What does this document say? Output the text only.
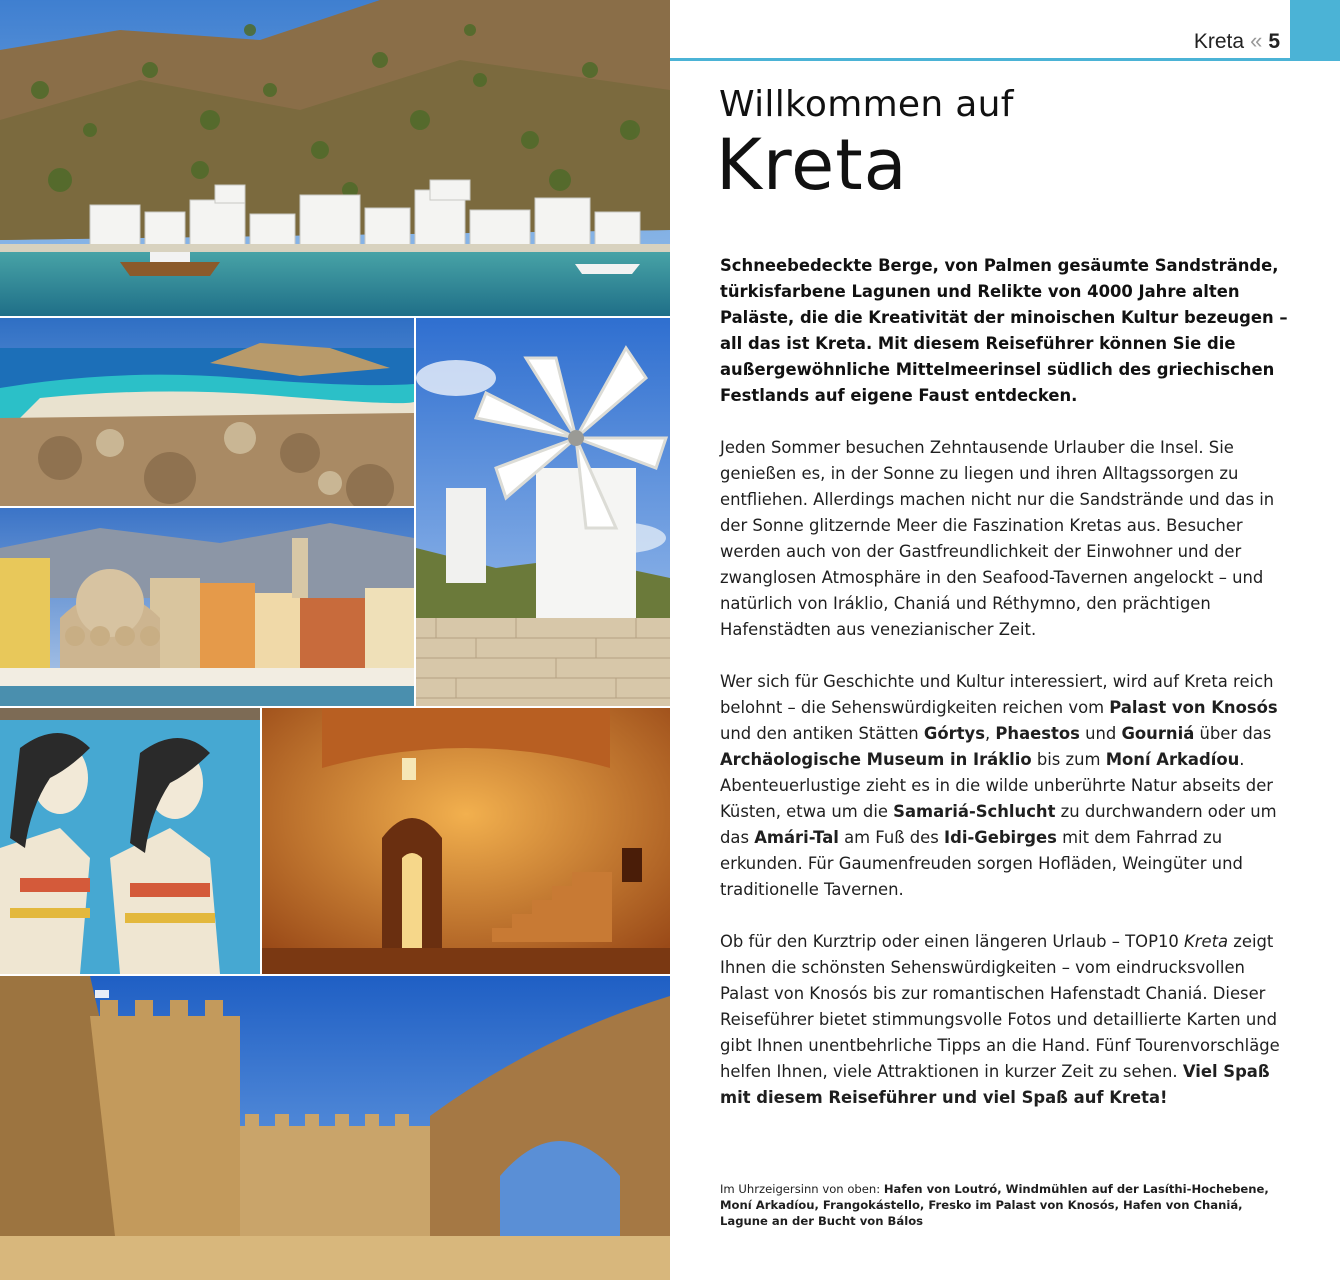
Kreta « 5
Willkommen auf
Kreta

Schneebedeckte Berge, von Palmen gesäumte Sandstrände, türkisfarbene Lagunen und Relikte von 4000 Jahre alten Paläste, die die Kreativität der minoischen Kultur bezeugen – all das ist Kreta. Mit diesem Reiseführer können Sie die außergewöhnliche Mittelmeerinsel südlich des griechischen Festlands auf eigene Faust entdecken.

Jeden Sommer besuchen Zehntausende Urlauber die Insel. Sie genießen es, in der Sonne zu liegen und ihren Alltagssorgen zu entfliehen. Allerdings machen nicht nur die Sandstrände und das in der Sonne glitzernde Meer die Faszination Kretas aus. Besucher werden auch von der Gastfreundlichkeit der Einwohner und der zwanglosen Atmosphäre in den Seafood-Tavernen angelockt – und natürlich von Iráklio, Chaniá und Réthymno, den prächtigen Hafenstädten aus venezianischer Zeit.

Wer sich für Geschichte und Kultur interessiert, wird auf Kreta reich belohnt – die Sehenswürdigkeiten reichen vom Palast von Knosós und den antiken Stätten Górtys, Phaestos und Gourniá über das Archäologische Museum in Iráklio bis zum Moní Arkadíou. Abenteuerlustige zieht es in die wilde unberührte Natur abseits der Küsten, etwa um die Samariá-Schlucht zu durchwandern oder um das Amári-Tal am Fuß des Idi-Gebirges mit dem Fahrrad zu erkunden. Für Gaumenfreuden sorgen Hofläden, Weingüter und traditionelle Tavernen.

Ob für den Kurztrip oder einen längeren Urlaub – TOP10 Kreta zeigt Ihnen die schönsten Sehenswürdigkeiten – vom eindrucksvollen Palast von Knosós bis zur romantischen Hafenstadt Chaniá. Dieser Reiseführer bietet stimmungsvolle Fotos und detaillierte Karten und gibt Ihnen unentbehrliche Tipps an die Hand. Fünf Tourenvorschläge helfen Ihnen, viele Attraktionen in kurzer Zeit zu sehen. Viel Spaß mit diesem Reiseführer und viel Spaß auf Kreta!

Im Uhrzeigersinn von oben: Hafen von Loutró, Windmühlen auf der Lasíthi-Hochebene, Moní Arkadíou, Frangokástello, Fresko im Palast von Knosós, Hafen von Chaniá, Lagune an der Bucht von Bálos
